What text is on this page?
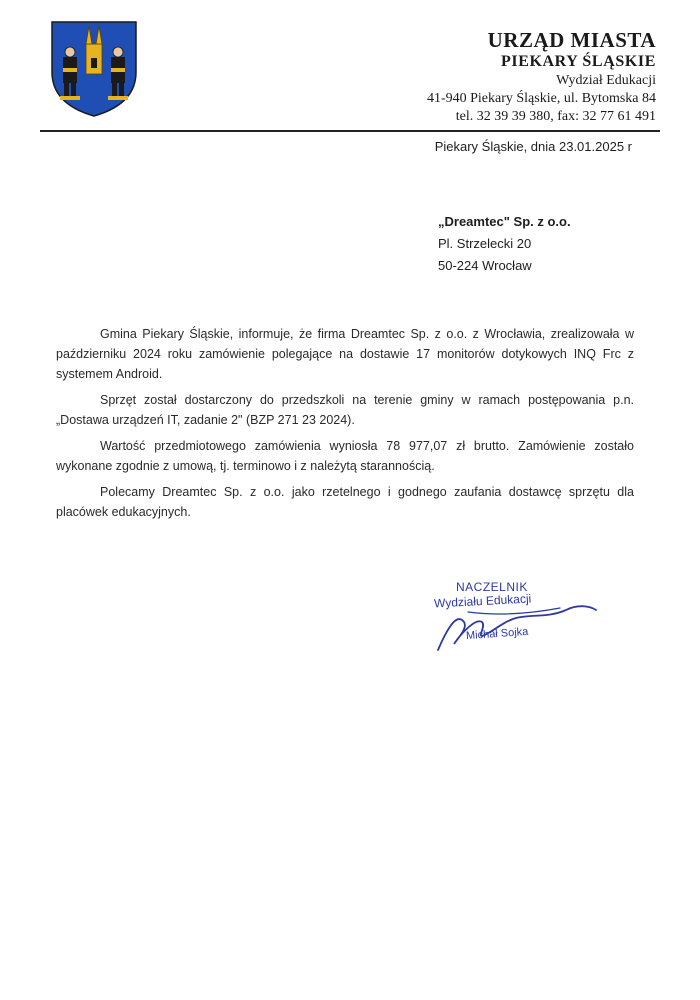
URZĄD MIASTA
PIEKARY ŚLĄSKIE
Wydział Edukacji
41-940 Piekary Śląskie, ul. Bytomska 84
tel. 32 39 39 380, fax: 32 77 61 491
Piekary Śląskie, dnia 23.01.2025 r
„Dreamtec" Sp. z o.o.
Pl. Strzelecki 20
50-224 Wrocław

Gmina Piekary Śląskie, informuje, że firma Dreamtec Sp. z o.o. z Wrocławia, zrealizowała w październiku 2024 roku zamówienie polegające na dostawie 17 monitorów dotykowych INQ Frc z systemem Android.

Sprzęt został dostarczony do przedszkoli na terenie gminy w ramach postępowania p.n. „Dostawa urządzeń IT, zadanie 2" (BZP 271 23 2024).

Wartość przedmiotowego zamówienia wyniosła 78 977,07 zł brutto. Zamówienie zostało wykonane zgodnie z umową, tj. terminowo i z należytą starannością.

Polecamy Dreamtec Sp. z o.o. jako rzetelnego i godnego zaufania dostawcę sprzętu dla placówek edukacyjnych.

NACZELNIK
Wydziału Edukacji
Michał Sojka
